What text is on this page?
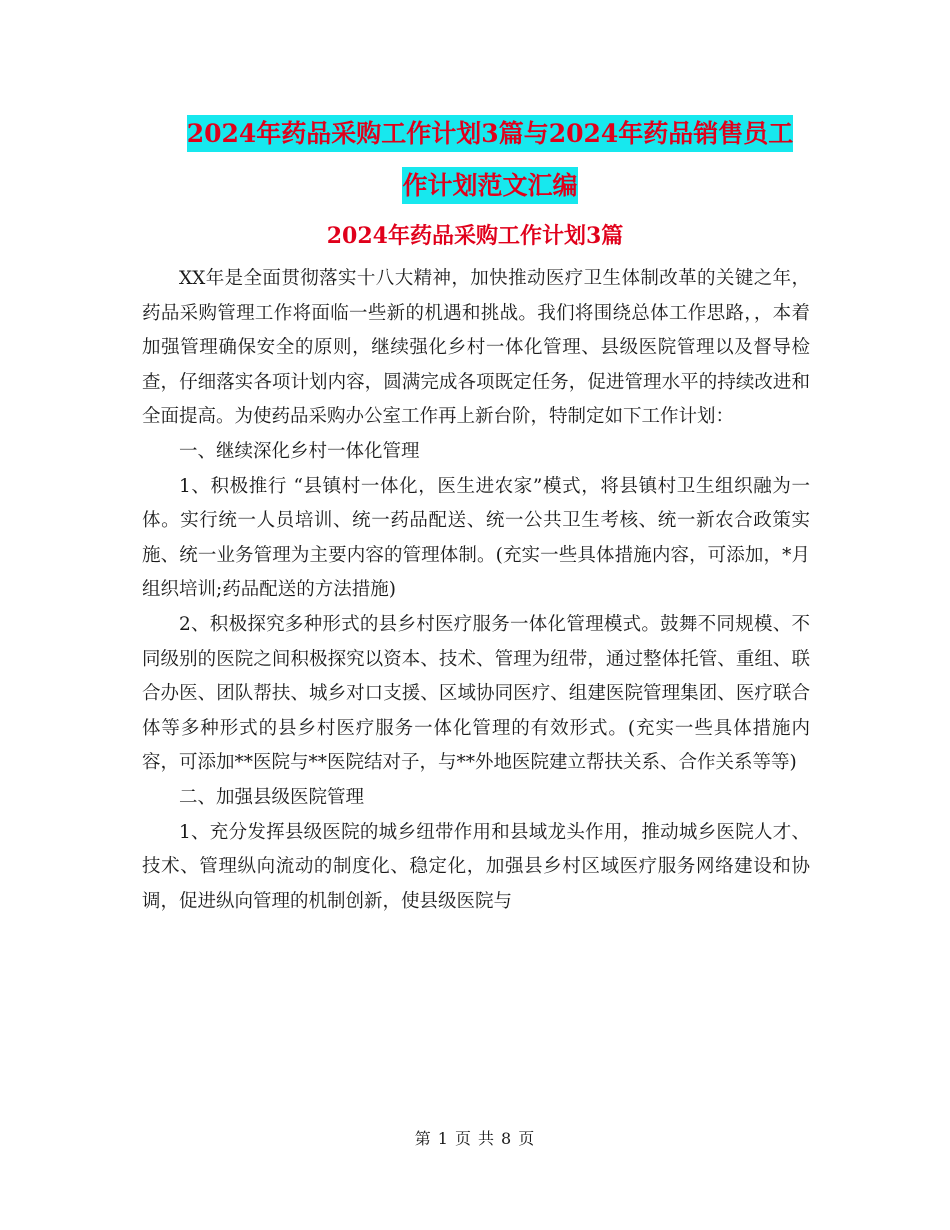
2024年药品采购工作计划3篇与2024年药品销售员工
作计划范文汇编
2024年药品采购工作计划3篇

XX年是全面贯彻落实十八大精神，加快推动医疗卫生体制改革的关键之年，药品采购管理工作将面临一些新的机遇和挑战。我们将围绕总体工作思路，，本着加强管理确保安全的原则，继续强化乡村一体化管理、县级医院管理以及督导检查，仔细落实各项计划内容，圆满完成各项既定任务，促进管理水平的持续改进和全面提高。为使药品采购办公室工作再上新台阶，特制定如下工作计划：

一、继续深化乡村一体化管理

1、积极推行 “县镇村一体化，医生进农家”模式，将县镇村卫生组织融为一体。实行统一人员培训、统一药品配送、统一公共卫生考核、统一新农合政策实施、统一业务管理为主要内容的管理体制。(充实一些具体措施内容，可添加，*月组织培训;药品配送的方法措施)

2、积极探究多种形式的县乡村医疗服务一体化管理模式。鼓舞不同规模、不同级别的医院之间积极探究以资本、技术、管理为纽带，通过整体托管、重组、联合办医、团队帮扶、城乡对口支援、区域协同医疗、组建医院管理集团、医疗联合体等多种形式的县乡村医疗服务一体化管理的有效形式。(充实一些具体措施内容，可添加**医院与**医院结对子，与**外地医院建立帮扶关系、合作关系等等)

二、加强县级医院管理

1、充分发挥县级医院的城乡纽带作用和县域龙头作用，推动城乡医院人才、技术、管理纵向流动的制度化、稳定化，加强县乡村区域医疗服务网络建设和协调，促进纵向管理的机制创新，使县级医院与

第 1 页 共 8 页
